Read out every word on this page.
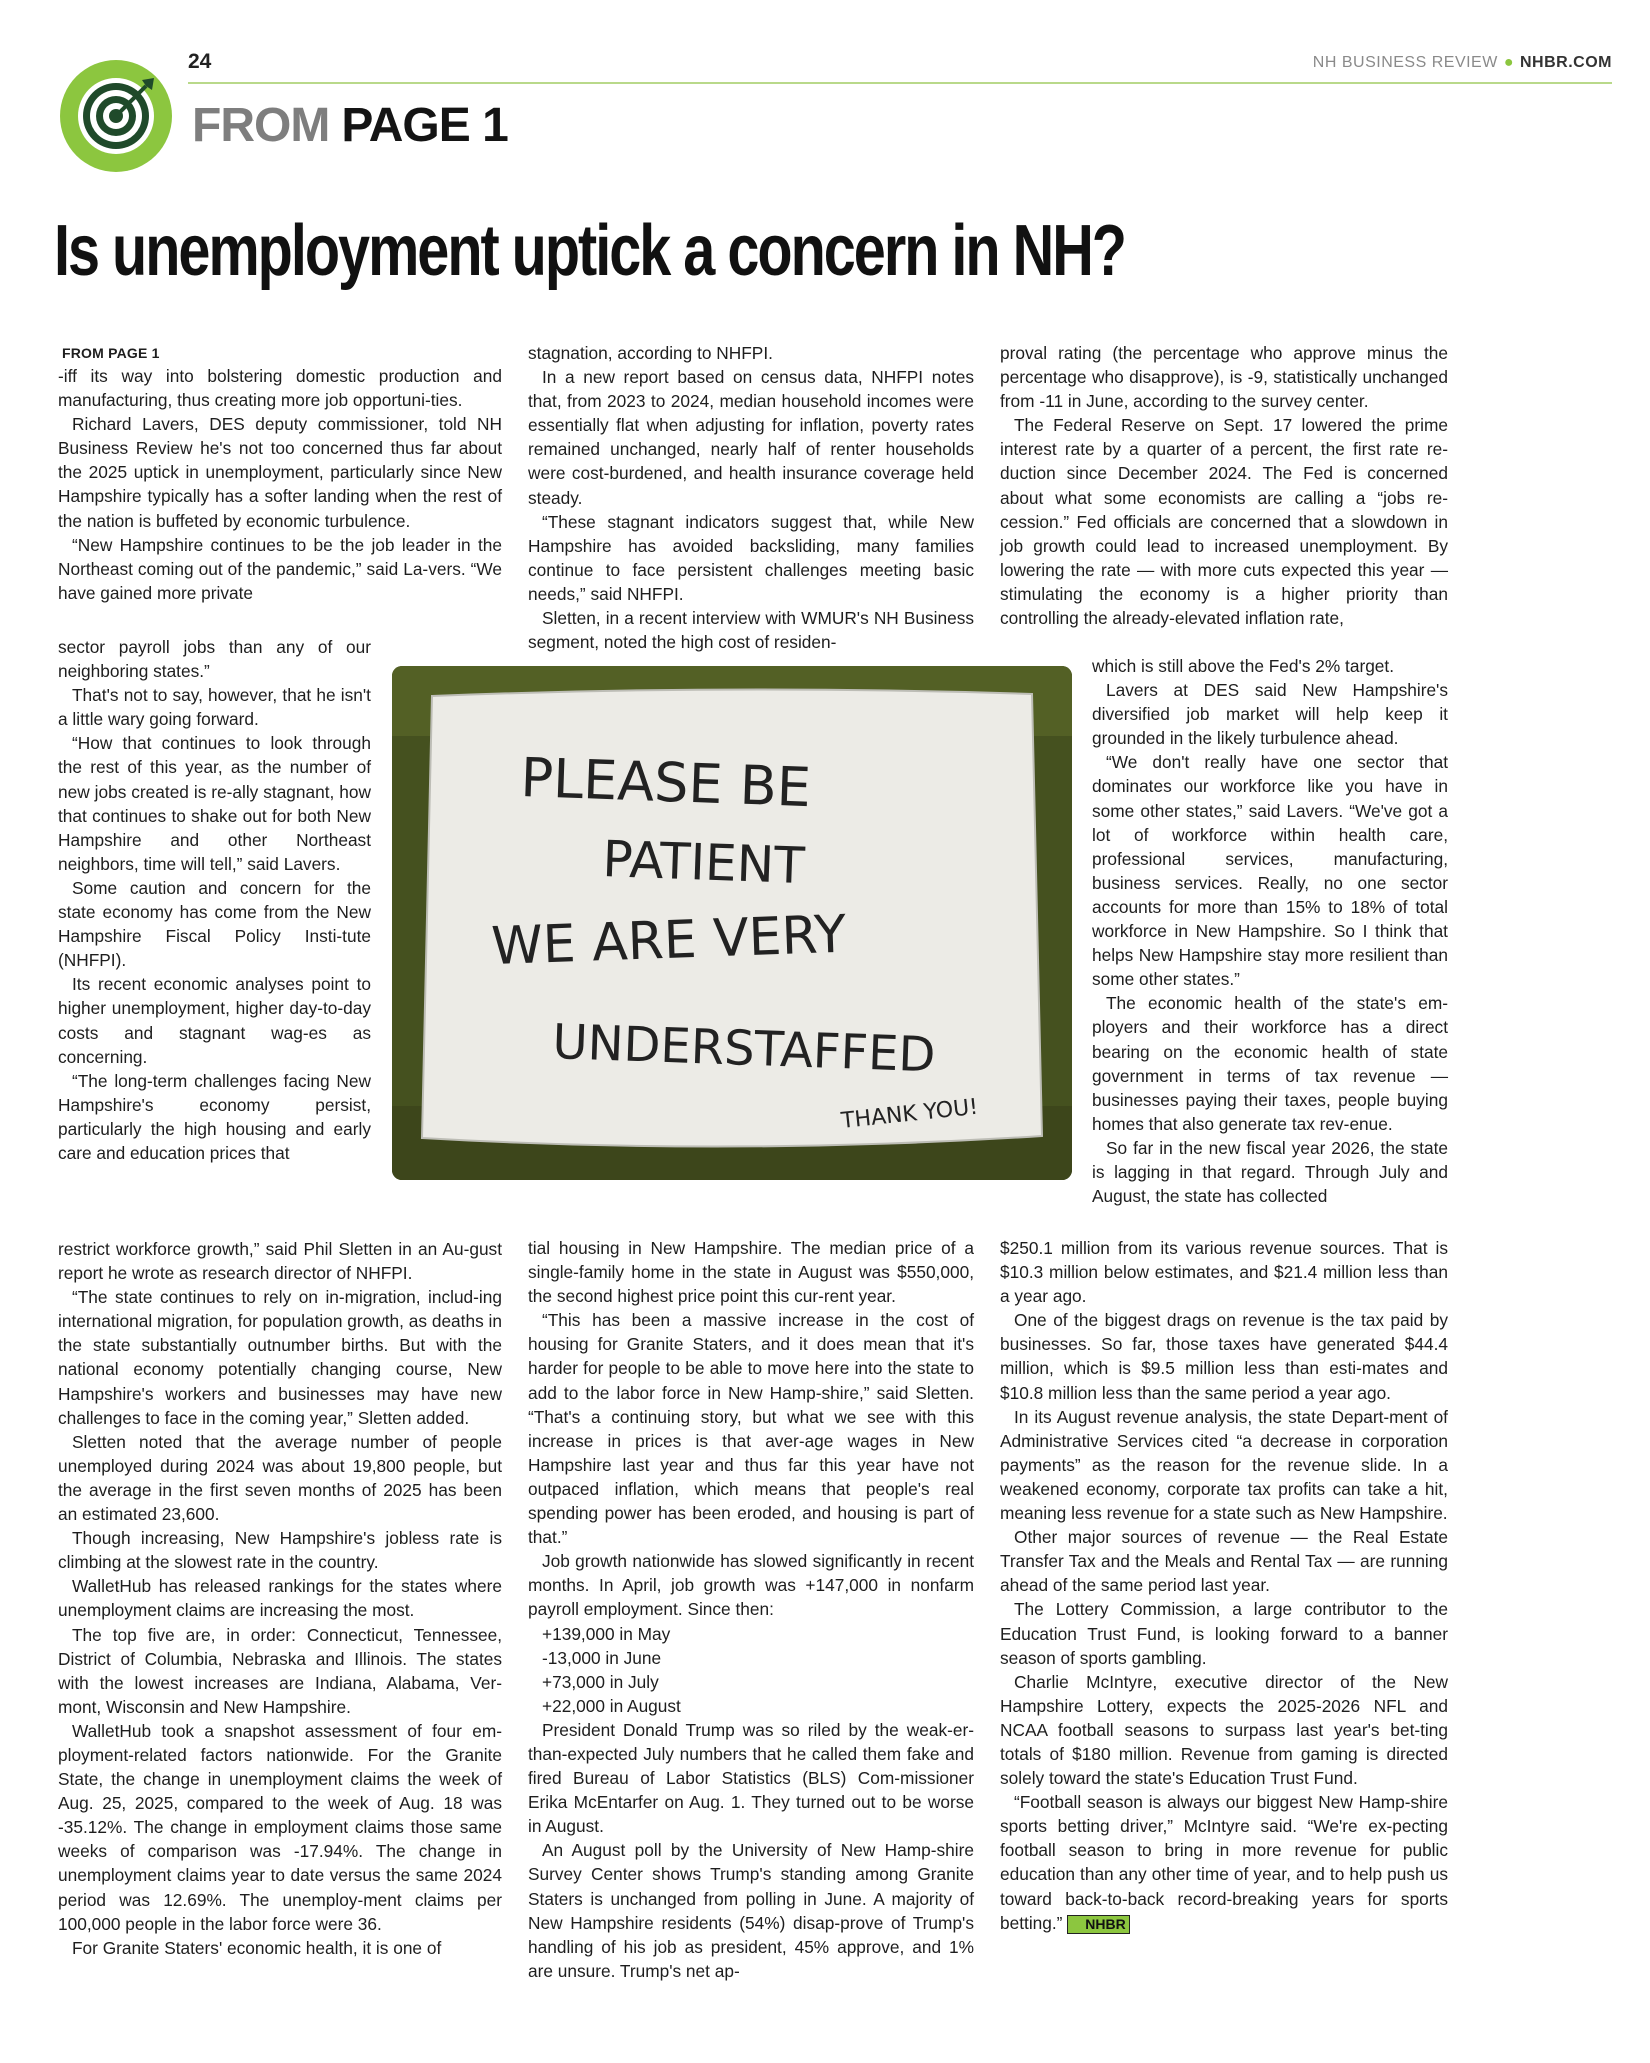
24	NH BUSINESS REVIEW ● NHBR.COM
FROM PAGE 1
Is unemployment uptick a concern in NH?
FROM PAGE 1

-iff its way into bolstering domestic production and manufacturing, thus creating more job opportuni-ties.

Richard Lavers, DES deputy commissioner, told NH Business Review he's not too concerned thus far about the 2025 uptick in unemployment, particularly since New Hampshire typically has a softer landing when the rest of the nation is buffeted by economic turbulence.

“New Hampshire continues to be the job leader in the Northeast coming out of the pandemic,” said La-vers. “We have gained more private

sector payroll jobs than any of our neighboring states.”

That's not to say, however, that he isn't a little wary going forward.

“How that continues to look through the rest of this year, as the number of new jobs created is re-ally stagnant, how that continues to shake out for both New Hampshire and other Northeast neighbors, time will tell,” said Lavers.

Some caution and concern for the state economy has come from the New Hampshire Fiscal Policy Insti-tute (NHFPI).

Its recent economic analyses point to higher unemployment, higher day-to-day costs and stagnant wag-es as concerning.

“The long-term challenges facing New Hampshire's economy persist, particularly the high housing and early care and education prices that

restrict workforce growth,” said Phil Sletten in an Au-gust report he wrote as research director of NHFPI.

“The state continues to rely on in-migration, includ-ing international migration, for population growth, as deaths in the state substantially outnumber births. But with the national economy potentially changing course, New Hampshire's workers and businesses may have new challenges to face in the coming year,” Sletten added.

Sletten noted that the average number of people unemployed during 2024 was about 19,800 people, but the average in the first seven months of 2025 has been an estimated 23,600.

Though increasing, New Hampshire's jobless rate is climbing at the slowest rate in the country.

WalletHub has released rankings for the states where unemployment claims are increasing the most.

The top five are, in order: Connecticut, Tennessee, District of Columbia, Nebraska and Illinois. The states with the lowest increases are Indiana, Alabama, Ver-mont, Wisconsin and New Hampshire.

WalletHub took a snapshot assessment of four em-ployment-related factors nationwide. For the Granite State, the change in unemployment claims the week of Aug. 25, 2025, compared to the week of Aug. 18 was -35.12%. The change in employment claims those same weeks of comparison was -17.94%. The change in unemployment claims year to date versus the same 2024 period was 12.69%. The unemploy-ment claims per 100,000 people in the labor force were 36.

For Granite Staters' economic health, it is one of

stagnation, according to NHFPI.

In a new report based on census data, NHFPI notes that, from 2023 to 2024, median household incomes were essentially flat when adjusting for inflation, poverty rates remained unchanged, nearly half of renter households were cost-burdened, and health insurance coverage held steady.

“These stagnant indicators suggest that, while New Hampshire has avoided backsliding, many families continue to face persistent challenges meeting basic needs,” said NHFPI.

Sletten, in a recent interview with WMUR's NH Business segment, noted the high cost of residen-

tial housing in New Hampshire. The median price of a single-family home in the state in August was $550,000, the second highest price point this cur-rent year.

“This has been a massive increase in the cost of housing for Granite Staters, and it does mean that it's harder for people to be able to move here into the state to add to the labor force in New Hamp-shire,” said Sletten. “That's a continuing story, but what we see with this increase in prices is that aver-age wages in New Hampshire last year and thus far this year have not outpaced inflation, which means that people's real spending power has been eroded, and housing is part of that.”

Job growth nationwide has slowed significantly in recent months. In April, job growth was +147,000 in nonfarm payroll employment. Since then:

+139,000 in May

-13,000 in June

+73,000 in July

+22,000 in August

President Donald Trump was so riled by the weak-er-than-expected July numbers that he called them fake and fired Bureau of Labor Statistics (BLS) Com-missioner Erika McEntarfer on Aug. 1. They turned out to be worse in August.

An August poll by the University of New Hamp-shire Survey Center shows Trump's standing among Granite Staters is unchanged from polling in June. A majority of New Hampshire residents (54%) disap-prove of Trump's handling of his job as president, 45% approve, and 1% are unsure. Trump's net ap-

proval rating (the percentage who approve minus the percentage who disapprove), is -9, statistically unchanged from -11 in June, according to the survey center.

The Federal Reserve on Sept. 17 lowered the prime interest rate by a quarter of a percent, the first rate re-duction since December 2024. The Fed is concerned about what some economists are calling a “jobs re-cession.” Fed officials are concerned that a slowdown in job growth could lead to increased unemployment. By lowering the rate — with more cuts expected this year — stimulating the economy is a higher priority than controlling the already-elevated inflation rate,

which is still above the Fed's 2% target.

Lavers at DES said New Hampshire's diversified job market will help keep it grounded in the likely turbulence ahead.

“We don't really have one sector that dominates our workforce like you have in some other states,” said Lavers. “We've got a lot of workforce within health care, professional services, manufacturing, business services. Really, no one sector accounts for more than 15% to 18% of total workforce in New Hampshire. So I think that helps New Hampshire stay more resilient than some other states.”

The economic health of the state's em-ployers and their workforce has a direct bearing on the economic health of state government in terms of tax revenue — businesses paying their taxes, people buying homes that also generate tax rev-enue.

So far in the new fiscal year 2026, the state is lagging in that regard. Through July and August, the state has collected

$250.1 million from its various revenue sources. That is $10.3 million below estimates, and $21.4 million less than a year ago.

One of the biggest drags on revenue is the tax paid by businesses. So far, those taxes have generated $44.4 million, which is $9.5 million less than esti-mates and $10.8 million less than the same period a year ago.

In its August revenue analysis, the state Depart-ment of Administrative Services cited “a decrease in corporation payments” as the reason for the revenue slide. In a weakened economy, corporate tax profits can take a hit, meaning less revenue for a state such as New Hampshire.

Other major sources of revenue — the Real Estate Transfer Tax and the Meals and Rental Tax — are running ahead of the same period last year.

The Lottery Commission, a large contributor to the Education Trust Fund, is looking forward to a banner season of sports gambling.

Charlie McIntyre, executive director of the New Hampshire Lottery, expects the 2025-2026 NFL and NCAA football seasons to surpass last year's bet-ting totals of $180 million. Revenue from gaming is directed solely toward the state's Education Trust Fund.

“Football season is always our biggest New Hamp-shire sports betting driver,” McIntyre said. “We're ex-pecting football season to bring in more revenue for public education than any other time of year, and to help push us toward back-to-back record-breaking years for sports betting.” NHBR

PLEASE BE
PATIENT
WE ARE VERY
UNDERSTAFFED
THANK YOU!
